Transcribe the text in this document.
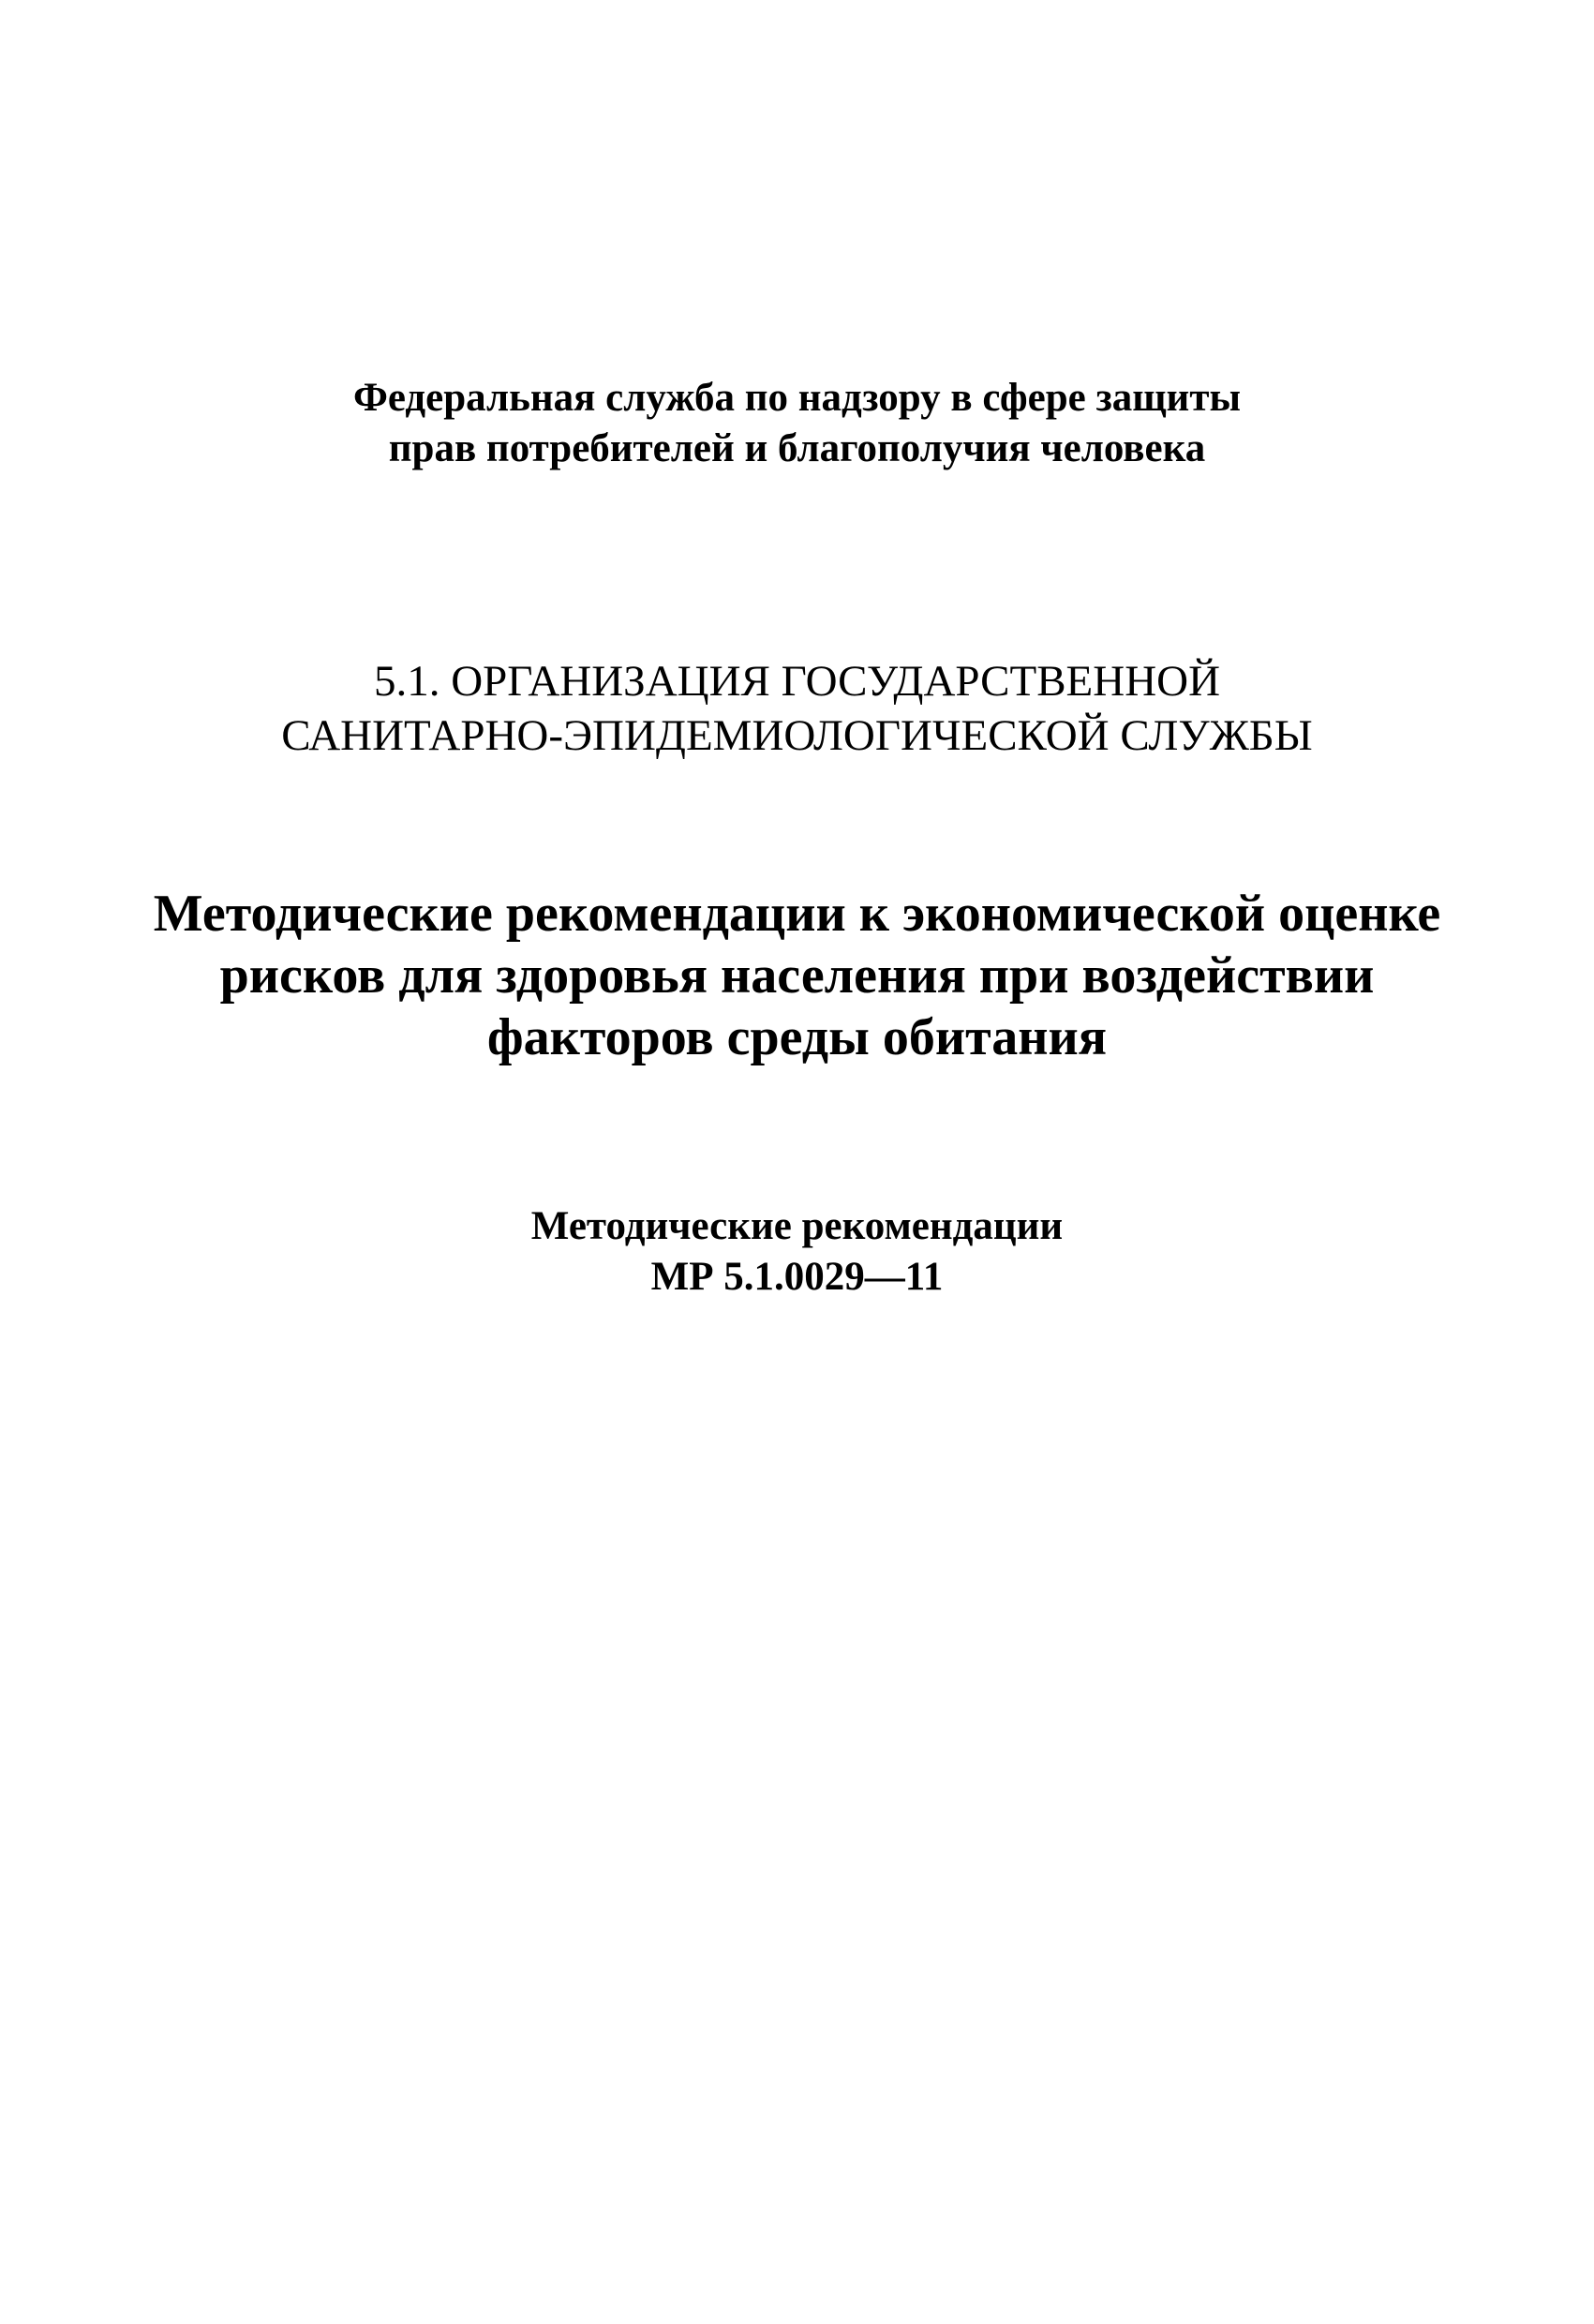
Федеральная служба по надзору в сфере защиты
прав потребителей и благополучия человека
5.1. ОРГАНИЗАЦИЯ ГОСУДАРСТВЕННОЙ
САНИТАРНО-ЭПИДЕМИОЛОГИЧЕСКОЙ СЛУЖБЫ
Методические рекомендации к экономической оценке
рисков для здоровья населения при воздействии
факторов среды обитания
Методические рекомендации
МР 5.1.0029—11
